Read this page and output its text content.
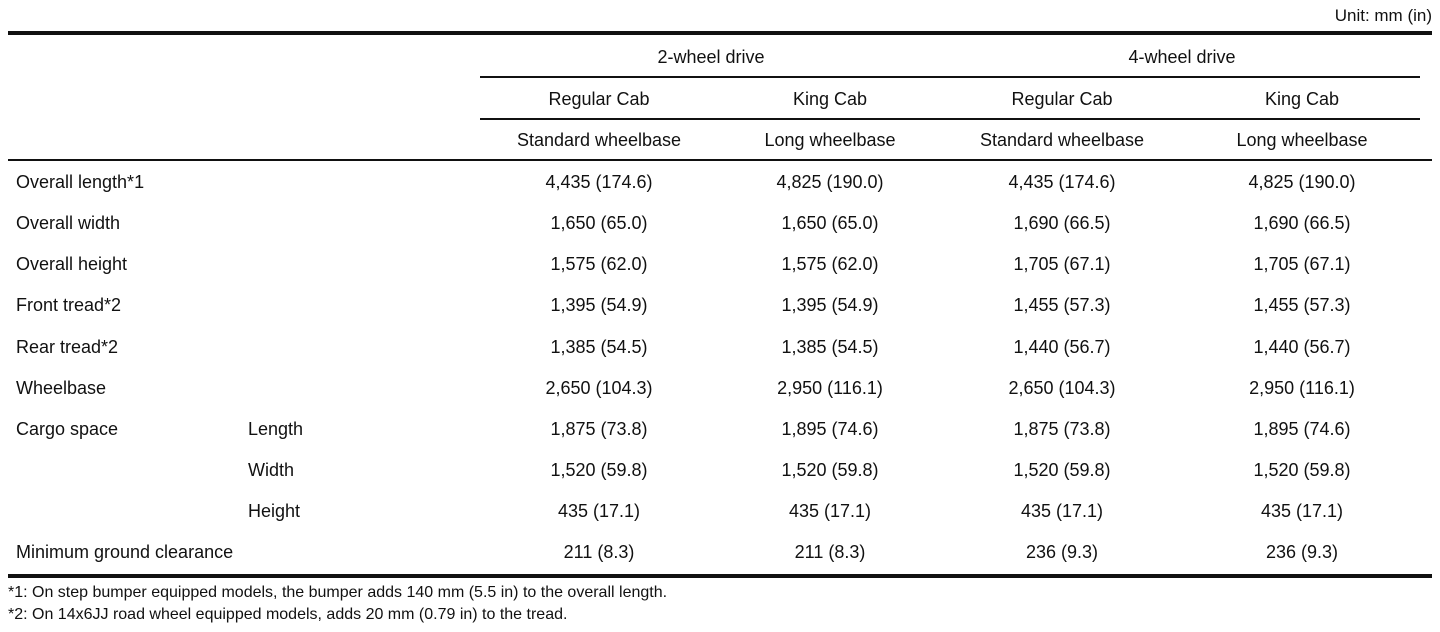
Unit: mm (in)
2-wheel drive	4-wheel drive
Regular Cab	King Cab	Regular Cab	King Cab
Standard wheelbase	Long wheelbase	Standard wheelbase	Long wheelbase
Overall length*1	4,435 (174.6)	4,825 (190.0)	4,435 (174.6)	4,825 (190.0)
Overall width	1,650 (65.0)	1,650 (65.0)	1,690 (66.5)	1,690 (66.5)
Overall height	1,575 (62.0)	1,575 (62.0)	1,705 (67.1)	1,705 (67.1)
Front tread*2	1,395 (54.9)	1,395 (54.9)	1,455 (57.3)	1,455 (57.3)
Rear tread*2	1,385 (54.5)	1,385 (54.5)	1,440 (56.7)	1,440 (56.7)
Wheelbase	2,650 (104.3)	2,950 (116.1)	2,650 (104.3)	2,950 (116.1)
Cargo space	Length	1,875 (73.8)	1,895 (74.6)	1,875 (73.8)	1,895 (74.6)
Width	1,520 (59.8)	1,520 (59.8)	1,520 (59.8)	1,520 (59.8)
Height	435 (17.1)	435 (17.1)	435 (17.1)	435 (17.1)
Minimum ground clearance	211 (8.3)	211 (8.3)	236 (9.3)	236 (9.3)
*1: On step bumper equipped models, the bumper adds 140 mm (5.5 in) to the overall length.
*2: On 14x6JJ road wheel equipped models, adds 20 mm (0.79 in) to the tread.
